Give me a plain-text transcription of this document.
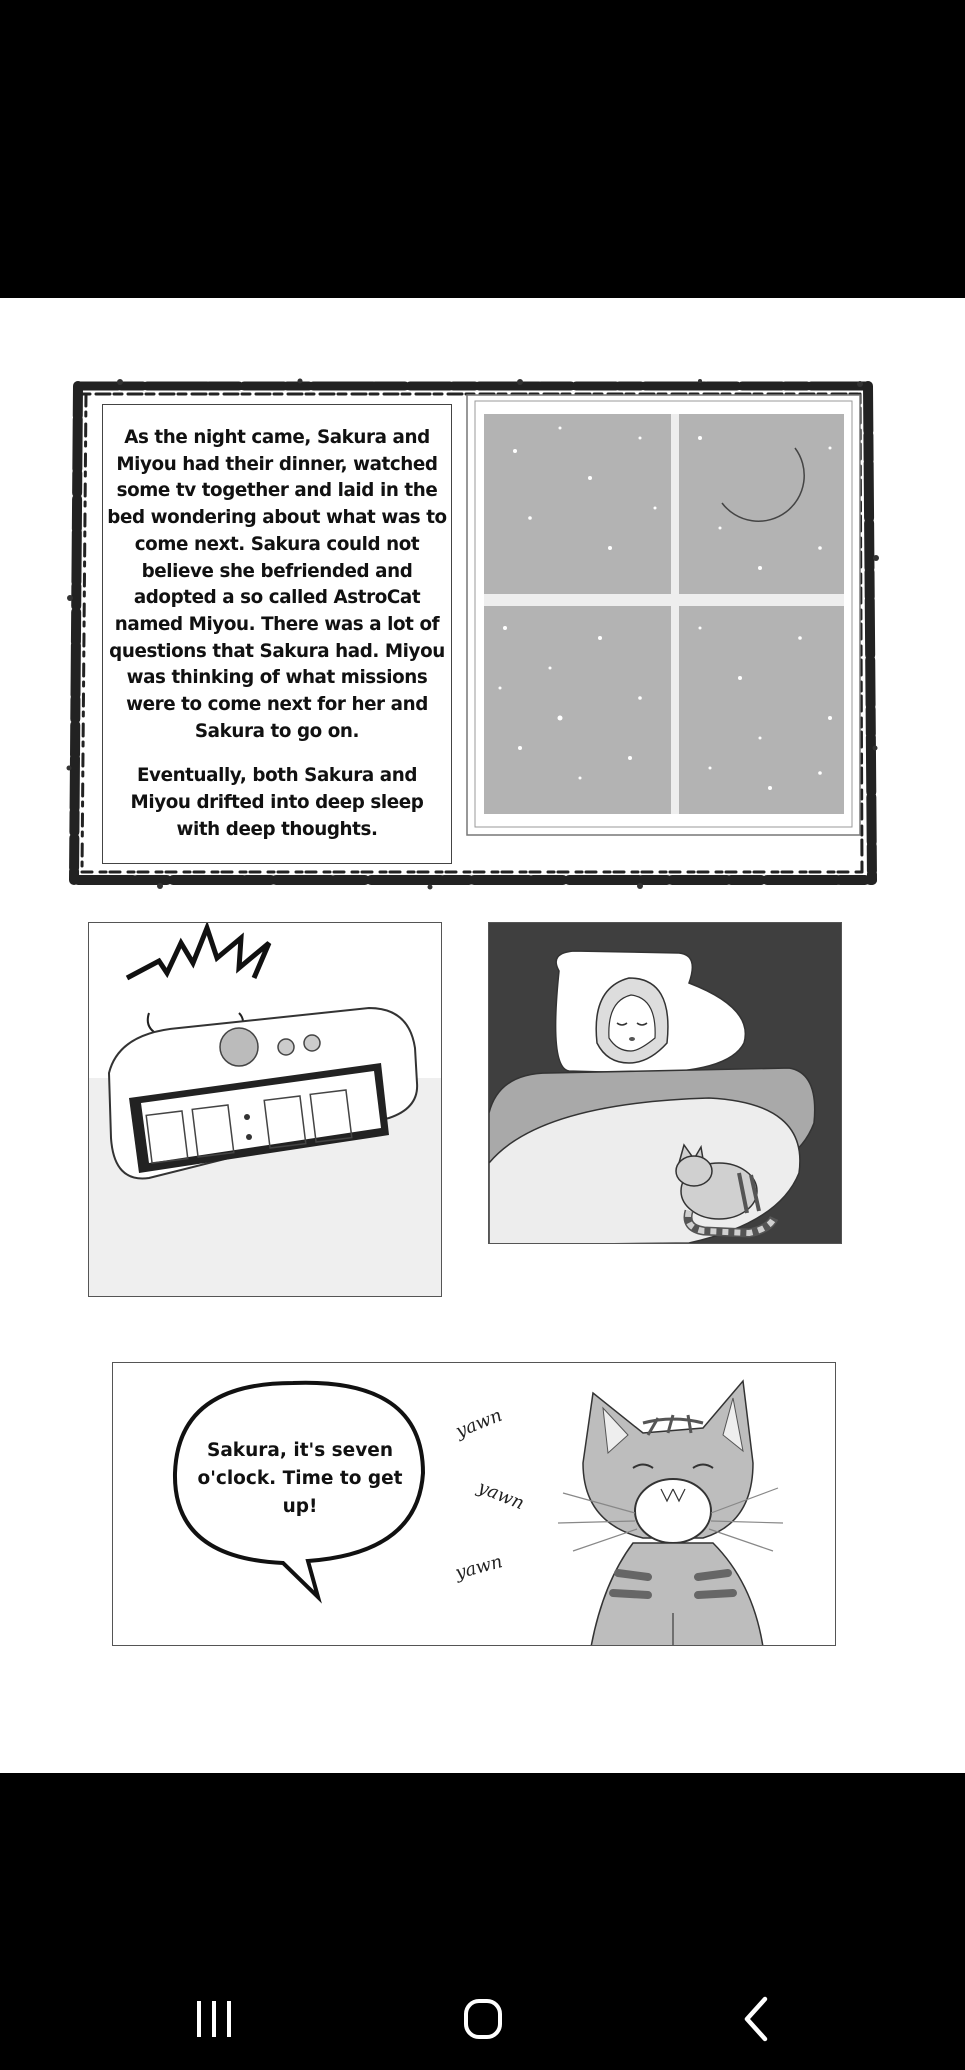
As the night came, Sakura and Miyou had their dinner, watched some tv together and laid in the bed wondering about what was to come next. Sakura could not believe she befriended and adopted a so called AstroCat named Miyou. There was a lot of questions that Sakura had. Miyou was thinking of what missions were to come next for her and Sakura to go on.

Eventually, both Sakura and Miyou drifted into deep sleep with deep thoughts.

Sakura, it's seven o'clock. Time to get up!
yawn
yawn
yawn
